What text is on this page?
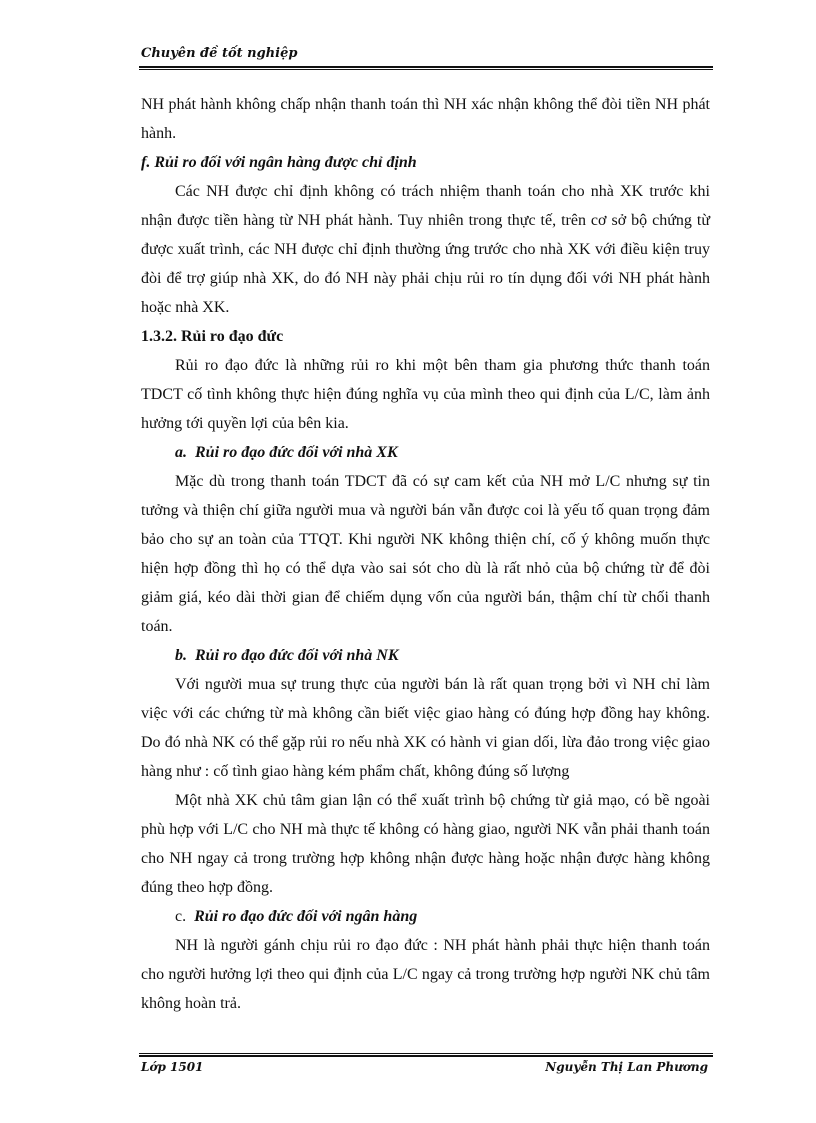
Chuyên đề tốt nghiệp

NH phát hành không chấp nhận thanh toán thì NH xác nhận không thể đòi tiền NH phát hành.

f. Rủi ro đối với ngân hàng được chỉ định

Các NH được chỉ định không có trách nhiệm thanh toán cho nhà XK trước khi nhận được tiền hàng từ NH phát hành. Tuy nhiên trong thực tế, trên cơ sở bộ chứng từ được xuất trình, các NH được chỉ định thường ứng trước cho nhà XK với điều kiện truy đòi để trợ giúp nhà XK, do đó NH này phải chịu rủi ro tín dụng đối với NH phát hành hoặc nhà XK.

1.3.2. Rủi ro đạo đức

Rủi ro đạo đức là những rủi ro khi một bên tham gia phương thức thanh toán TDCT cố tình không thực hiện đúng nghĩa vụ của mình theo qui định của L/C, làm ảnh hưởng tới quyền lợi của bên kia.

a. Rủi ro đạo đức đối với nhà XK

Mặc dù trong thanh toán TDCT đã có sự cam kết của NH mở L/C nhưng sự tin tưởng và thiện chí giữa người mua và người bán vẫn được coi là yếu tố quan trọng đảm bảo cho sự an toàn của TTQT. Khi người NK không thiện chí, cố ý không muốn thực hiện hợp đồng thì họ có thể dựa vào sai sót cho dù là rất nhỏ của bộ chứng từ để đòi giảm giá, kéo dài thời gian để chiếm dụng vốn của người bán, thậm chí từ chối thanh toán.

b. Rủi ro đạo đức đối với nhà NK

Với người mua sự trung thực của người bán là rất quan trọng bởi vì NH chỉ làm việc với các chứng từ mà không cần biết việc giao hàng có đúng hợp đồng hay không. Do đó nhà NK có thể gặp rủi ro nếu nhà XK có hành vi gian dối, lừa đảo trong việc giao hàng như : cố tình giao hàng kém phẩm chất, không đúng số lượng

Một nhà XK chủ tâm gian lận có thể xuất trình bộ chứng từ giả mạo, có bề ngoài phù hợp với L/C cho NH mà thực tế không có hàng giao, người NK vẫn phải thanh toán cho NH ngay cả trong trường hợp không nhận được hàng hoặc nhận được hàng không đúng theo hợp đồng.

c. Rủi ro đạo đức đối với ngân hàng

NH là người gánh chịu rủi ro đạo đức : NH phát hành phải thực hiện thanh toán cho người hưởng lợi theo qui định của L/C ngay cả trong trường hợp người NK chủ tâm không hoàn trả.

Lớp 1501	Nguyễn Thị Lan Phương
